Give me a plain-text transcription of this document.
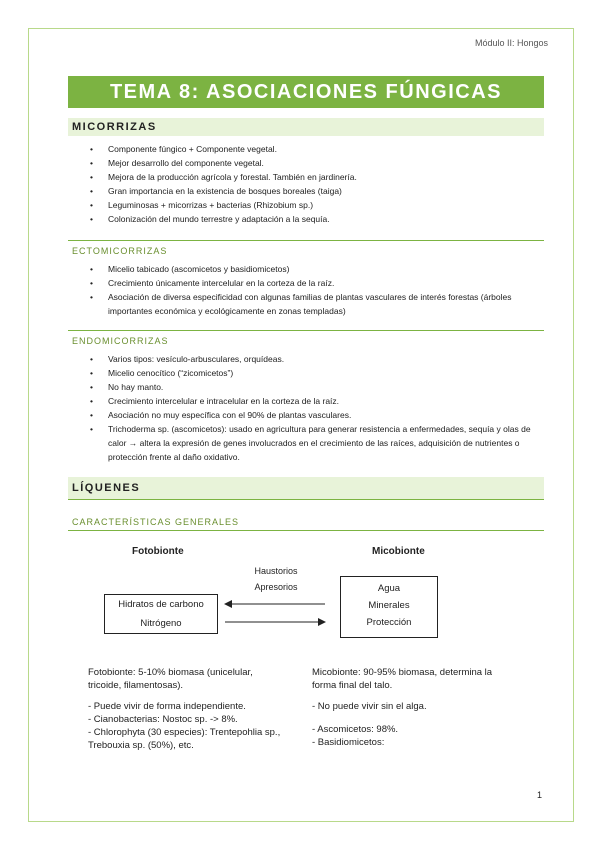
Módulo II: Hongos
TEMA 8: ASOCIACIONES FÚNGICAS
MICORRIZAS
• Componente fúngico + Componente vegetal.
• Mejor desarrollo del componente vegetal.
• Mejora de la producción agrícola y forestal. También en jardinería.
• Gran importancia en la existencia de bosques boreales (taiga)
• Leguminosas + micorrizas + bacterias (Rhizobium sp.)
• Colonización del mundo terrestre y adaptación a la sequía.
ECTOMICORRIZAS
• Micelio tabicado (ascomicetos y basidiomicetos)
• Crecimiento únicamente intercelular en la corteza de la raíz.
• Asociación de diversa especificidad con algunas familias de plantas vasculares de interés forestas (árboles importantes económica y ecológicamente en zonas templadas)
ENDOMICORRIZAS
• Varios tipos: vesículo-arbusculares, orquídeas.
• Micelio cenocítico (“zicomicetos”)
• No hay manto.
• Crecimiento intercelular e intracelular en la corteza de la raíz.
• Asociación no muy específica con el 90% de plantas vasculares.
• Trichoderma sp. (ascomicetos): usado en agricultura para generar resistencia a enfermedades, sequía y olas de calor → altera la expresión de genes involucrados en el crecimiento de las raíces, adquisición de nutrientes o protección frente al daño oxidativo.
LÍQUENES
CARACTERÍSTICAS GENERALES
Fotobionte	Micobionte
Haustorios
Apresorios
Hidratos de carbono
Nitrógeno
Agua
Minerales
Protección
Fotobionte: 5-10% biomasa (unicelular, tricoide, filamentosas).
- Puede vivir de forma independiente.
- Cianobacterias: Nostoc sp. -> 8%.
- Chlorophyta (30 especies): Trentepohlia sp., Trebouxia sp. (50%), etc.
Micobionte: 90-95% biomasa, determina la forma final del talo.
- No puede vivir sin el alga.
- Ascomicetos: 98%.
- Basidiomicetos:
1
